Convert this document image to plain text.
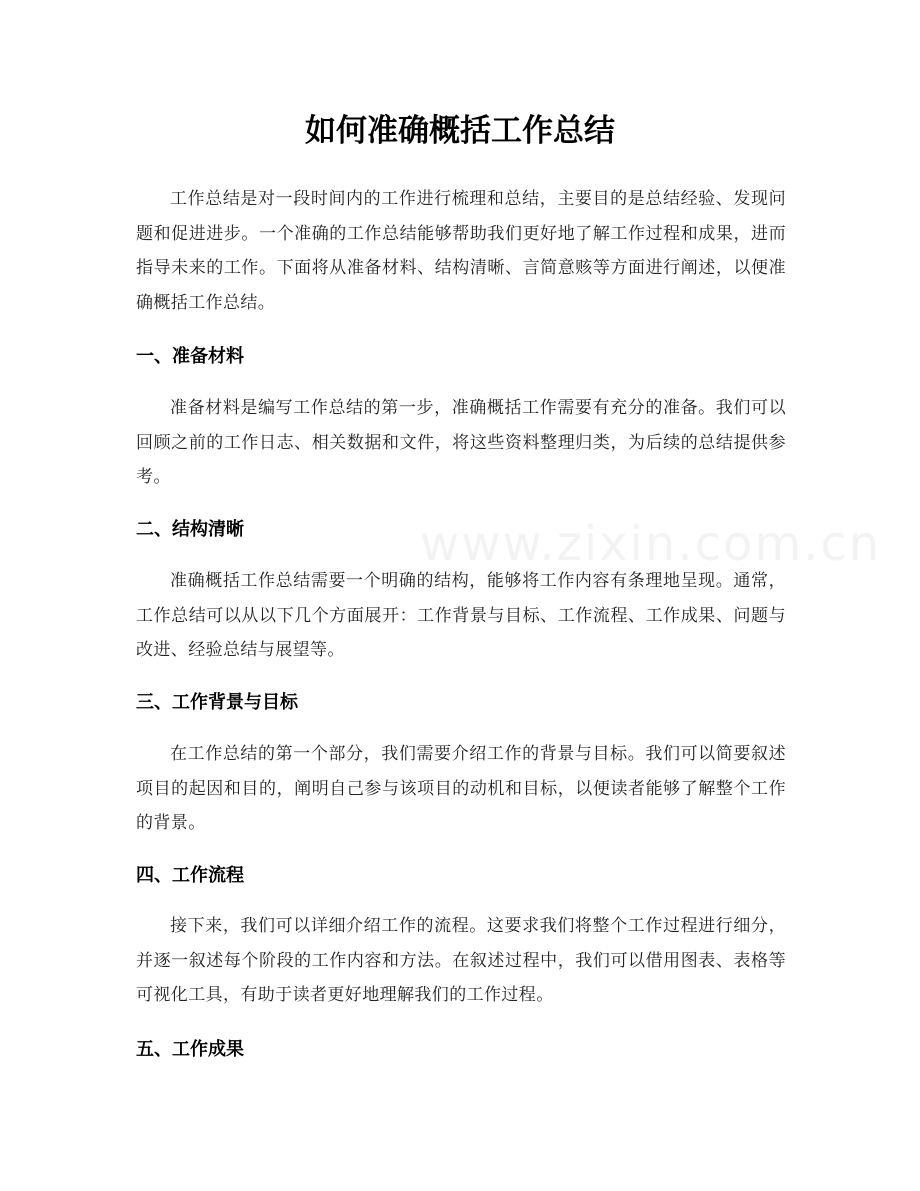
www.zixin.com.cn
如何准确概括工作总结
工作总结是对一段时间内的工作进行梳理和总结，主要目的是总结经验、发现问题和促进进步。一个准确的工作总结能够帮助我们更好地了解工作过程和成果，进而指导未来的工作。下面将从准备材料、结构清晰、言简意赅等方面进行阐述，以便准确概括工作总结。
一、准备材料
准备材料是编写工作总结的第一步，准确概括工作需要有充分的准备。我们可以回顾之前的工作日志、相关数据和文件，将这些资料整理归类，为后续的总结提供参考。
二、结构清晰
准确概括工作总结需要一个明确的结构，能够将工作内容有条理地呈现。通常，工作总结可以从以下几个方面展开：工作背景与目标、工作流程、工作成果、问题与改进、经验总结与展望等。
三、工作背景与目标
在工作总结的第一个部分，我们需要介绍工作的背景与目标。我们可以简要叙述项目的起因和目的，阐明自己参与该项目的动机和目标，以便读者能够了解整个工作的背景。
四、工作流程
接下来，我们可以详细介绍工作的流程。这要求我们将整个工作过程进行细分，并逐一叙述每个阶段的工作内容和方法。在叙述过程中，我们可以借用图表、表格等可视化工具，有助于读者更好地理解我们的工作过程。
五、工作成果
